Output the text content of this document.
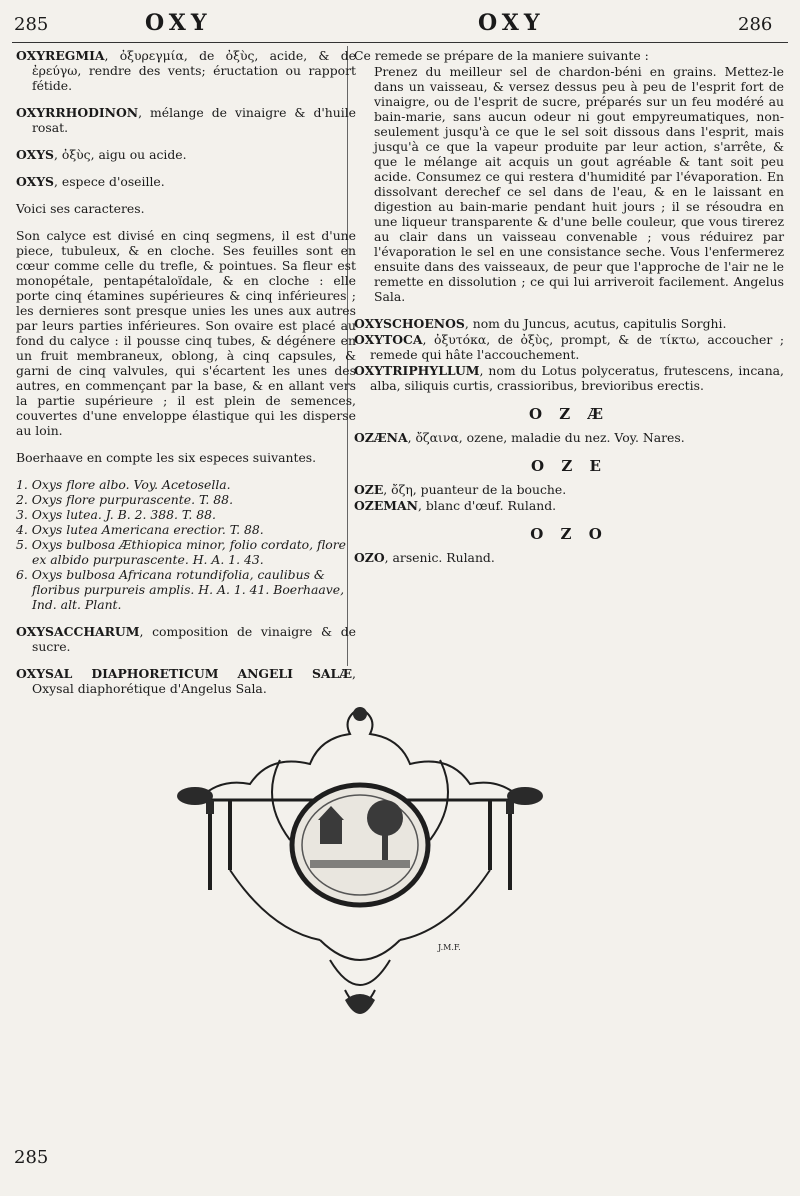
285	OXY	OXY	286

OXYREGMIA, ὀξυρεγμία, de ὀξὺς, acide, & de ἐρεύγω, rendre des vents; éructation ou rapport fétide.

OXYRRHODINON, mélange de vinaigre & d'huile rosat.

OXYS, ὀξὺς, aigu ou acide.

OXYS, espece d'oseille.

Voici ses caracteres.

Son calyce est divisé en cinq segmens, il est d'une piece, tubuleux, & en cloche. Ses feuilles sont en cœur comme celle du trefle, & pointues. Sa fleur est monopétale, pentapétaloïdale, & en cloche : elle porte cinq étamines supérieures & cinq inférieures ; les dernieres sont presque unies les unes aux autres par leurs parties inférieures. Son ovaire est placé au fond du calyce : il pousse cinq tubes, & dégénere en un fruit membraneux, oblong, à cinq capsules, & garni de cinq valvules, qui s'écartent les unes des autres, en commençant par la base, & en allant vers la partie supérieure ; il est plein de semences, couvertes d'une enveloppe élastique qui les disperse au loin.

Boerhaave en compte les six especes suivantes.

1. Oxys flore albo. Voy. Acetosella.
2. Oxys flore purpurascente. T. 88.
3. Oxys lutea. J. B. 2. 388. T. 88.
4. Oxys lutea Americana erectior. T. 88.
5. Oxys bulbosa Æthiopica minor, folio cordato, flore ex albido purpurascente. H. A. 1. 43.
6. Oxys bulbosa Africana rotundifolia, caulibus & floribus purpureis amplis. H. A. 1. 41. Boerhaave, Ind. alt. Plant.

OXYSACCHARUM, composition de vinaigre & de sucre.

OXYSAL DIAPHORETICUM ANGELI SALÆ, Oxysal diaphorétique d'Angelus Sala.

Ce remede se prépare de la maniere suivante :

Prenez du meilleur sel de chardon-béni en grains. Mettez-le dans un vaisseau, & versez dessus peu à peu de l'esprit fort de vinaigre, ou de l'esprit de sucre, préparés sur un feu modéré au bain-marie, sans aucun odeur ni gout empyreumatiques, non-seulement jusqu'à ce que le sel soit dissous dans l'esprit, mais jusqu'à ce que la vapeur produite par leur action, s'arrête, & que le mélange ait acquis un gout agréable & tant soit peu acide. Consumez ce qui restera d'humidité par l'évaporation. En dissolvant derechef ce sel dans de l'eau, & en le laissant en digestion au bain-marie pendant huit jours ; il se résoudra en une liqueur transparente & d'une belle couleur, que vous tirerez au clair dans un vaisseau convenable ; vous réduirez par l'évaporation le sel en une consistance seche. Vous l'enfermerez ensuite dans des vaisseaux, de peur que l'approche de l'air ne le remette en dissolution ; ce qui lui arriveroit facilement. Angelus Sala.

OXYSCHOENOS, nom du Juncus, acutus, capitulis Sorghi.

OXYTOCA, ὀξυτόκα, de ὀξὺς, prompt, & de τίκτω, accoucher ; remede qui hâte l'accouchement.

OXYTRIPHYLLUM, nom du Lotus polyceratus, frutescens, incana, alba, siliquis curtis, crassioribus, brevioribus erectis.

O Z Æ

OZÆNA, ὄζαινα, ozene, maladie du nez. Voy. Nares.

O Z E

OZE, ὄζη, puanteur de la bouche.

OZEMAN, blanc d'œuf. Ruland.

O Z O

OZO, arsenic. Ruland.

J.M.F.
285
